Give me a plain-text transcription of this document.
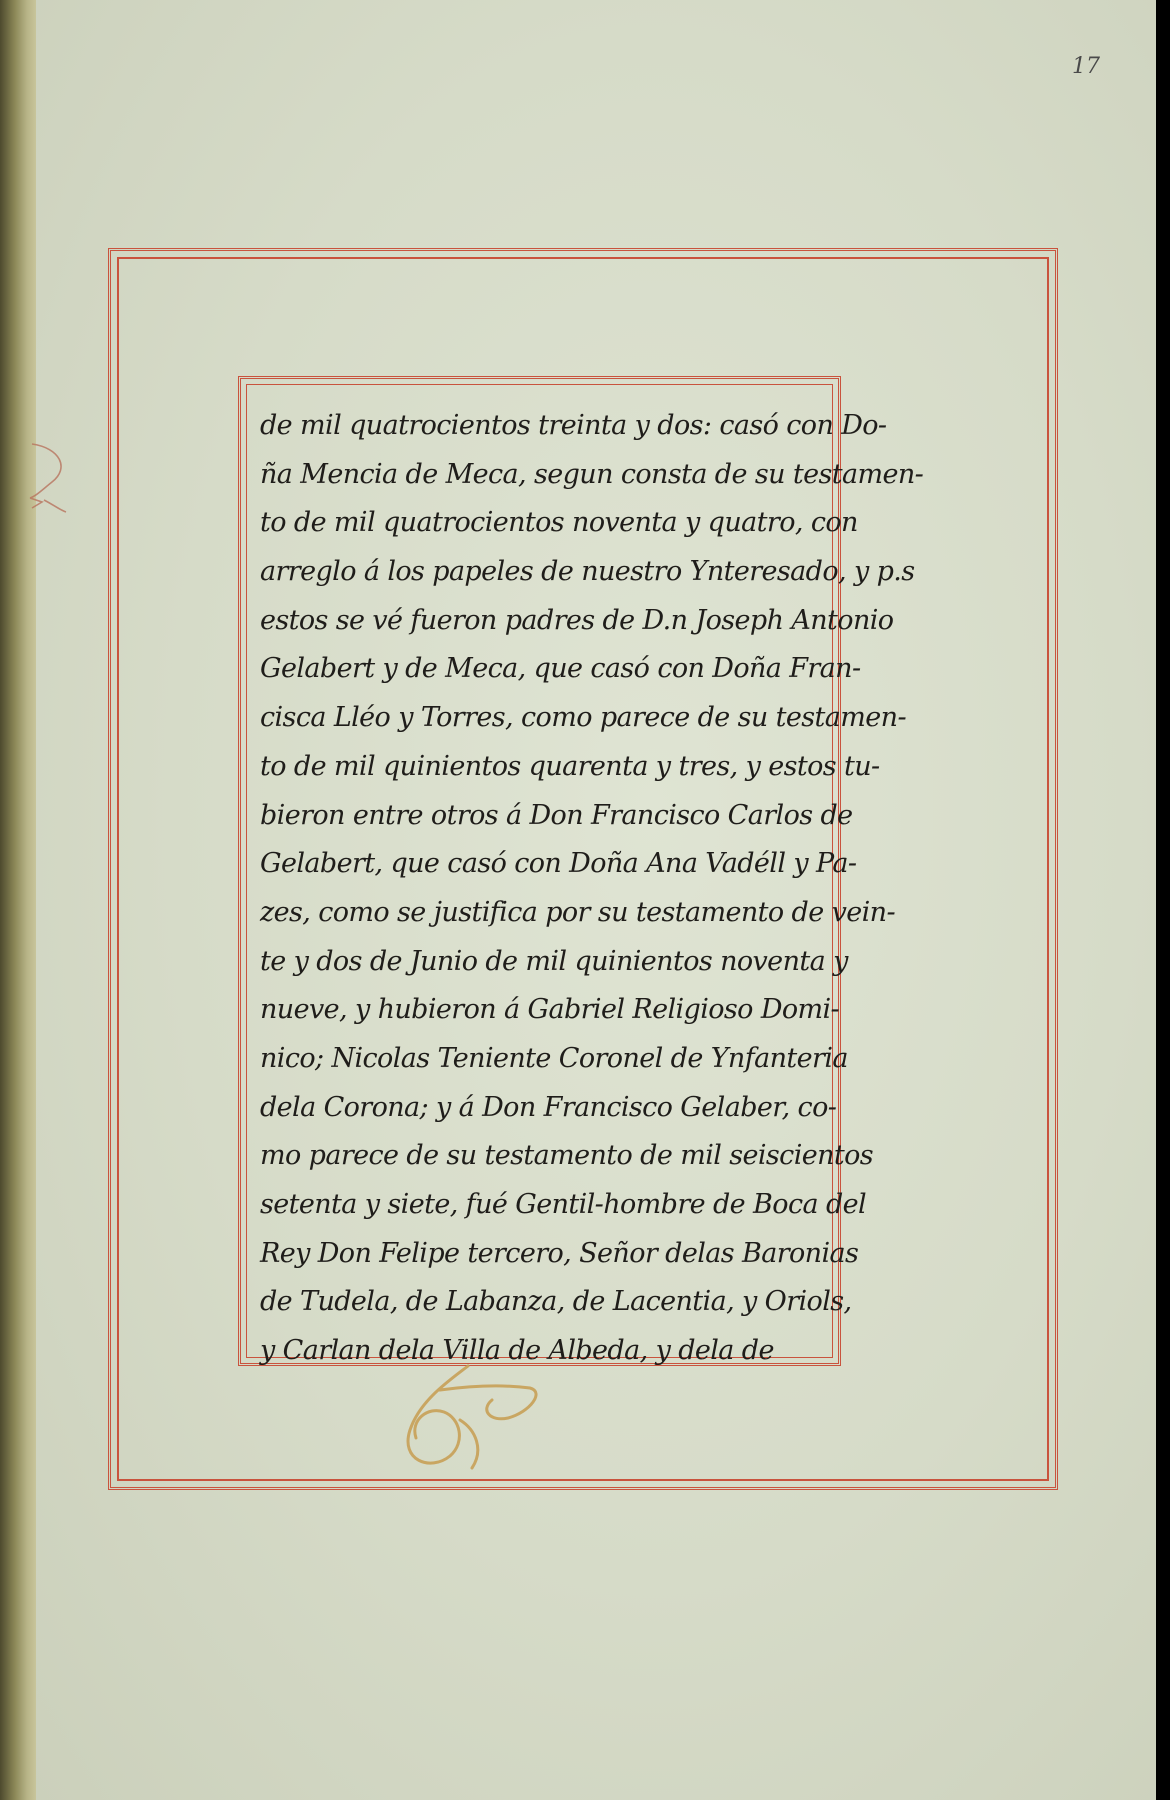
17
de mil quatrocientos treinta y dos: casó con Do-
ña Mencia de Meca, segun consta de su testamen-
to de mil quatrocientos noventa y quatro, con
arreglo á los papeles de nuestro Ynteresado, y p.s
estos se vé fueron padres de D.n Joseph Antonio
Gelabert y de Meca, que casó con Doña Fran-
cisca Lléo y Torres, como parece de su testamen-
to de mil quinientos quarenta y tres, y estos tu-
bieron entre otros á Don Francisco Carlos de
Gelabert, que casó con Doña Ana Vadéll y Pa-
zes, como se justifica por su testamento de vein-
te y dos de Junio de mil quinientos noventa y
nueve, y hubieron á Gabriel Religioso Domi-
nico; Nicolas Teniente Coronel de Ynfanteria
dela Corona; y á Don Francisco Gelaber, co-
mo parece de su testamento de mil seiscientos
setenta y siete, fué Gentil-hombre de Boca del
Rey Don Felipe tercero, Señor delas Baronias
de Tudela, de Labanza, de Lacentia, y Oriols,
y Carlan dela Villa de Albeda, y dela de
